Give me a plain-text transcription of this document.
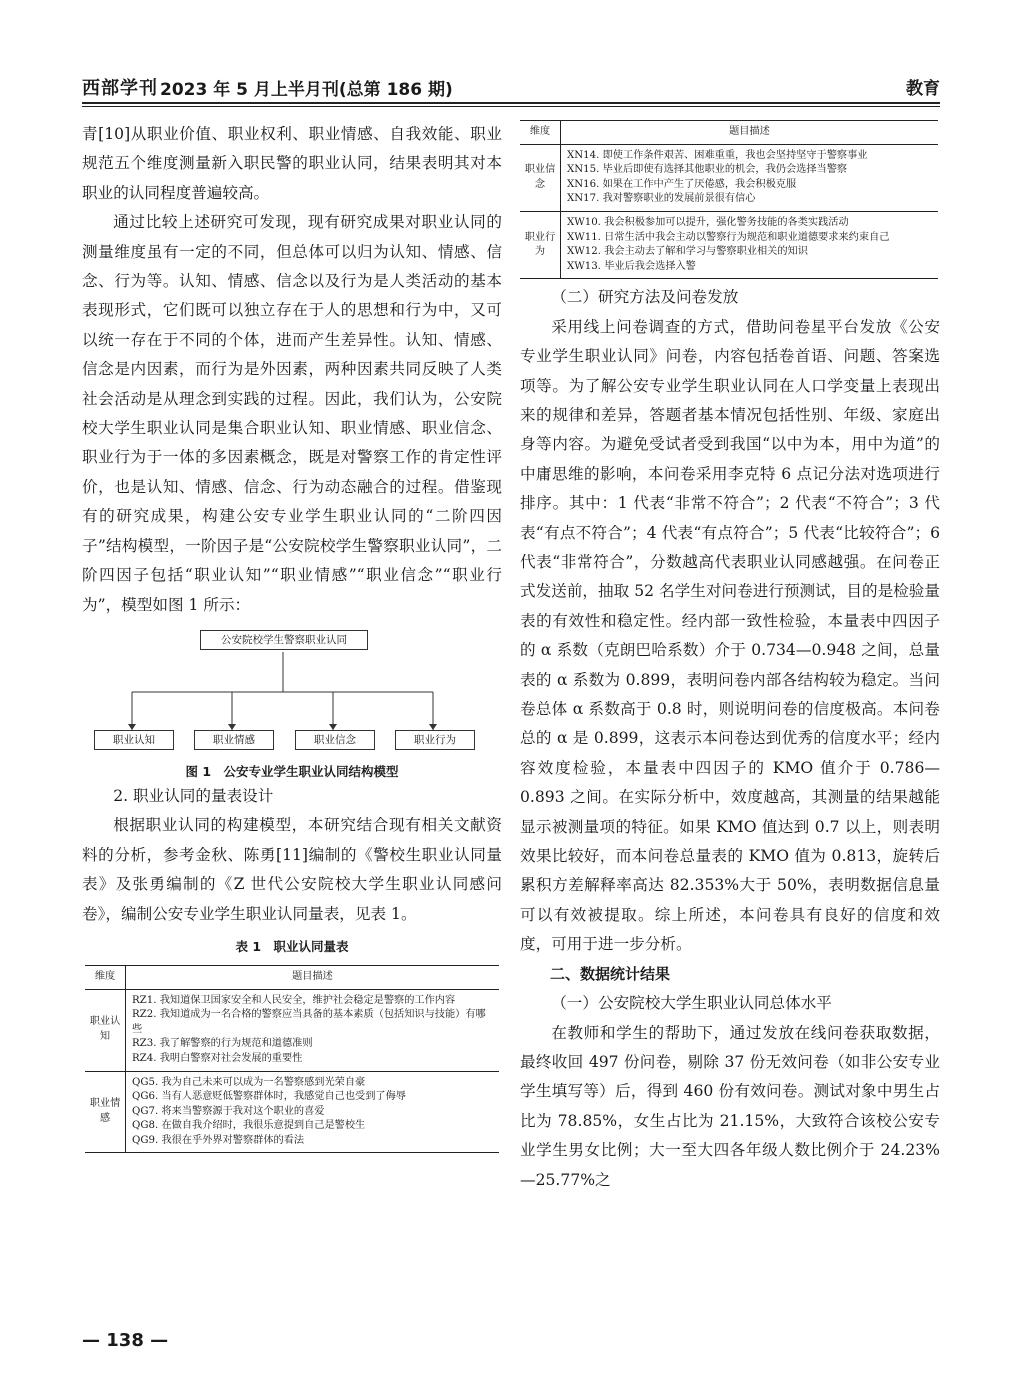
西部学刊 2023 年 5 月上半月刊(总第 186 期)	教育

青[10]从职业价值、职业权利、职业情感、自我效能、职业规范五个维度测量新入职民警的职业认同，结果表明其对本职业的认同程度普遍较高。

通过比较上述研究可发现，现有研究成果对职业认同的测量维度虽有一定的不同，但总体可以归为认知、情感、信念、行为等。认知、情感、信念以及行为是人类活动的基本表现形式，它们既可以独立存在于人的思想和行为中，又可以统一存在于不同的个体，进而产生差异性。认知、情感、信念是内因素，而行为是外因素，两种因素共同反映了人类社会活动是从理念到实践的过程。因此，我们认为，公安院校大学生职业认同是集合职业认知、职业情感、职业信念、职业行为于一体的多因素概念，既是对警察工作的肯定性评价，也是认知、情感、信念、行为动态融合的过程。借鉴现有的研究成果，构建公安专业学生职业认同的“二阶四因子”结构模型，一阶因子是“公安院校学生警察职业认同”，二阶四因子包括“职业认知”“职业情感”“职业信念”“职业行为”，模型如图 1 所示：

公安院校学生警察职业认同
职业认知	职业情感	职业信念	职业行为

图 1　公安专业学生职业认同结构模型

2. 职业认同的量表设计

根据职业认同的构建模型，本研究结合现有相关文献资料的分析，参考金秋、陈勇[11]编制的《警校生职业认同量表》及张勇编制的《Z 世代公安院校大学生职业认同感问卷》，编制公安专业学生职业认同量表，见表 1。

表 1　职业认同量表

维度	题目描述
职业认知	RZ1. 我知道保卫国家安全和人民安全，维护社会稳定是警察的工作内容
RZ2. 我知道成为一名合格的警察应当具备的基本素质（包括知识与技能）有哪些
RZ3. 我了解警察的行为规范和道德准则
RZ4. 我明白警察对社会发展的重要性

职业情感	QG5. 我为自己未来可以成为一名警察感到光荣自豪
QG6. 当有人恶意贬低警察群体时，我感觉自己也受到了侮辱
QG7. 将来当警察源于我对这个职业的喜爱
QG8. 在做自我介绍时，我很乐意提到自己是警校生
QG9. 我很在乎外界对警察群体的看法
维度	题目描述
职业信念	XN14. 即使工作条件艰苦、困难重重，我也会坚持坚守于警察事业
XN15. 毕业后即使有选择其他职业的机会，我仍会选择当警察
XN16. 如果在工作中产生了厌倦感，我会积极克服
XN17. 我对警察职业的发展前景很有信心

职业行为	XW10. 我会积极参加可以提升，强化警务技能的各类实践活动
XW11. 日常生活中我会主动以警察行为规范和职业道德要求来约束自己
XW12. 我会主动去了解和学习与警察职业相关的知识
XW13. 毕业后我会选择入警

（二）研究方法及问卷发放

采用线上问卷调查的方式，借助问卷星平台发放《公安专业学生职业认同》问卷，内容包括卷首语、问题、答案选项等。为了解公安专业学生职业认同在人口学变量上表现出来的规律和差异，答题者基本情况包括性别、年级、家庭出身等内容。为避免受试者受到我国“以中为本，用中为道”的中庸思维的影响，本问卷采用李克特 6 点记分法对选项进行排序。其中：1 代表“非常不符合”；2 代表“不符合”；3 代表“有点不符合”；4 代表“有点符合”；5 代表“比较符合”；6 代表“非常符合”，分数越高代表职业认同感越强。在问卷正式发送前，抽取 52 名学生对问卷进行预测试，目的是检验量表的有效性和稳定性。经内部一致性检验，本量表中四因子的 α 系数（克朗巴哈系数）介于 0.734—0.948 之间，总量表的 α 系数为 0.899，表明问卷内部各结构较为稳定。当问卷总体 α 系数高于 0.8 时，则说明问卷的信度极高。本问卷总的 α 是 0.899，这表示本问卷达到优秀的信度水平；经内容效度检验，本量表中四因子的 KMO 值介于 0.786—0.893 之间。在实际分析中，效度越高，其测量的结果越能显示被测量项的特征。如果 KMO 值达到 0.7 以上，则表明效果比较好，而本问卷总量表的 KMO 值为 0.813，旋转后累积方差解释率高达 82.353%大于 50%，表明数据信息量可以有效被提取。综上所述，本问卷具有良好的信度和效度，可用于进一步分析。

二、数据统计结果

（一）公安院校大学生职业认同总体水平

在教师和学生的帮助下，通过发放在线问卷获取数据，最终收回 497 份问卷，剔除 37 份无效问卷（如非公安专业学生填写等）后，得到 460 份有效问卷。测试对象中男生占比为 78.85%，女生占比为 21.15%，大致符合该校公安专业学生男女比例；大一至大四各年级人数比例介于 24.23%—25.77%之

— 138 —
